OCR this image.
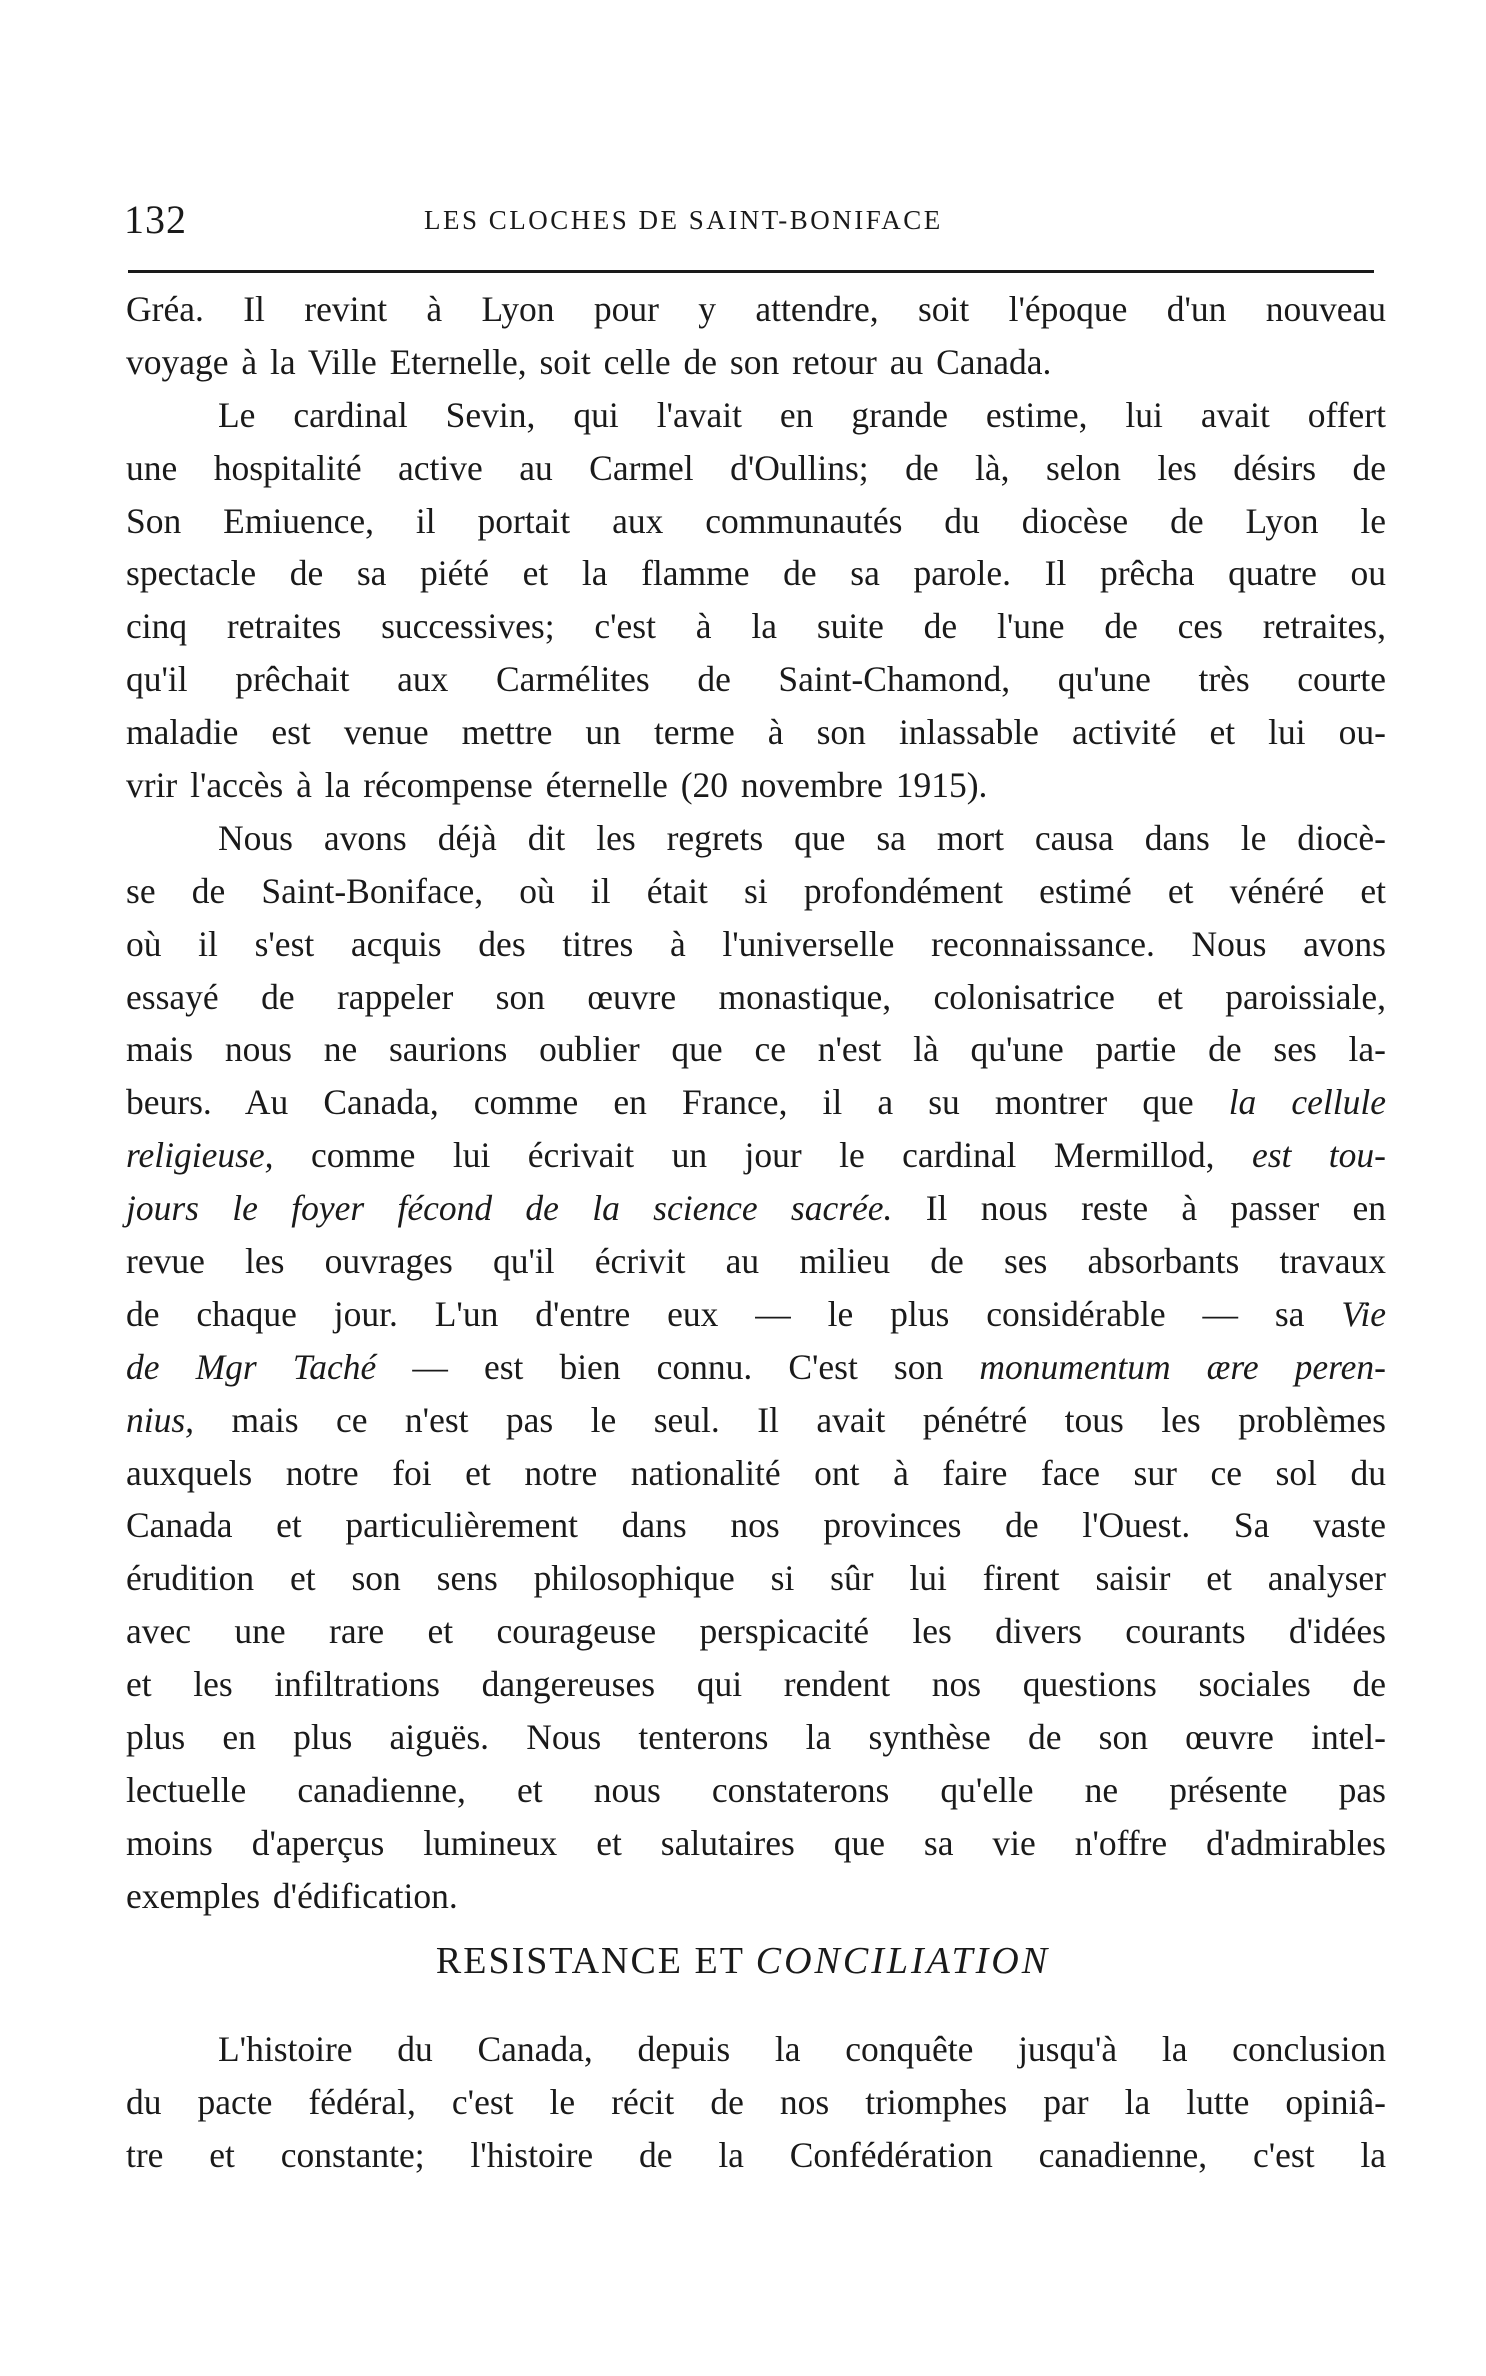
132	LES CLOCHES DE SAINT-BONIFACE
Gréa. Il revint à Lyon pour y attendre, soit l'époque d'un nouveau
voyage à la Ville Eternelle, soit celle de son retour au Canada.
Le cardinal Sevin, qui l'avait en grande estime, lui avait offert
une hospitalité active au Carmel d'Oullins; de là, selon les désirs de
Son Emiuence, il portait aux communautés du diocèse de Lyon le
spectacle de sa piété et la flamme de sa parole. Il prêcha quatre ou
cinq retraites successives; c'est à la suite de l'une de ces retraites,
qu'il prêchait aux Carmélites de Saint-Chamond, qu'une très courte
maladie est venue mettre un terme à son inlassable activité et lui ou-
vrir l'accès à la récompense éternelle (20 novembre 1915).
Nous avons déjà dit les regrets que sa mort causa dans le diocè-
se de Saint-Boniface, où il était si profondément estimé et vénéré et
où il s'est acquis des titres à l'universelle reconnaissance. Nous avons
essayé de rappeler son œuvre monastique, colonisatrice et paroissiale,
mais nous ne saurions oublier que ce n'est là qu'une partie de ses la-
beurs. Au Canada, comme en France, il a su montrer que la cellule
religieuse, comme lui écrivait un jour le cardinal Mermillod, est tou-
jours le foyer fécond de la science sacrée. Il nous reste à passer en
revue les ouvrages qu'il écrivit au milieu de ses absorbants travaux
de chaque jour. L'un d'entre eux — le plus considérable — sa Vie
de Mgr Taché — est bien connu. C'est son monumentum ære peren-
nius, mais ce n'est pas le seul. Il avait pénétré tous les problèmes
auxquels notre foi et notre nationalité ont à faire face sur ce sol du
Canada et particulièrement dans nos provinces de l'Ouest. Sa vaste
érudition et son sens philosophique si sûr lui firent saisir et analyser
avec une rare et courageuse perspicacité les divers courants d'idées
et les infiltrations dangereuses qui rendent nos questions sociales de
plus en plus aiguës. Nous tenterons la synthèse de son œuvre intel-
lectuelle canadienne, et nous constaterons qu'elle ne présente pas
moins d'aperçus lumineux et salutaires que sa vie n'offre d'admirables
exemples d'édification.
RESISTANCE ET CONCILIATION
L'histoire du Canada, depuis la conquête jusqu'à la conclusion
du pacte fédéral, c'est le récit de nos triomphes par la lutte opiniâ-
tre et constante; l'histoire de la Confédération canadienne, c'est la
